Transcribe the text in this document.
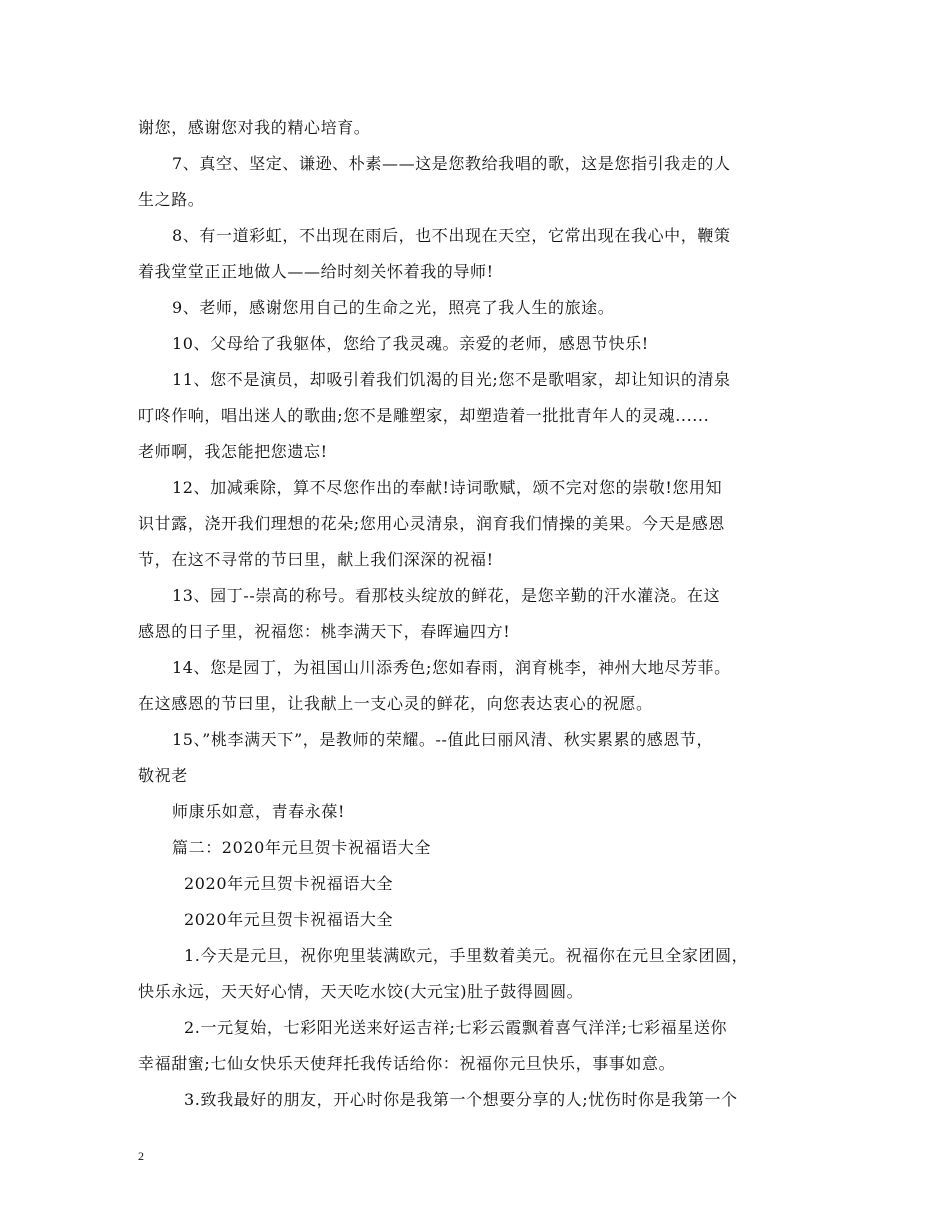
谢您，感谢您对我的精心培育。
7、真空、坚定、谦逊、朴素——这是您教给我唱的歌，这是您指引我走的人
生之路。
8、有一道彩虹，不出现在雨后，也不出现在天空，它常出现在我心中，鞭策
着我堂堂正正地做人——给时刻关怀着我的导师!
9、老师，感谢您用自己的生命之光，照亮了我人生的旅途。
10、父母给了我躯体，您给了我灵魂。亲爱的老师，感恩节快乐!
11、您不是演员，却吸引着我们饥渴的目光;您不是歌唱家，却让知识的清泉
叮咚作响，唱出迷人的歌曲;您不是雕塑家，却塑造着一批批青年人的灵魂......
老师啊，我怎能把您遗忘!
12、加减乘除，算不尽您作出的奉献!诗词歌赋，颂不完对您的崇敬!您用知
识甘露，浇开我们理想的花朵;您用心灵清泉，润育我们情操的美果。今天是感恩
节，在这不寻常的节曰里，献上我们深深的祝福!
13、园丁--崇高的称号。看那枝头绽放的鲜花，是您辛勤的汗水灌浇。在这
感恩的日子里，祝福您：桃李满天下，春晖遍四方!
14、您是园丁，为祖国山川添秀色;您如春雨，润育桃李，神州大地尽芳菲。
在这感恩的节曰里，让我献上一支心灵的鲜花，向您表达衷心的祝愿。
15、”桃李满天下”，是教师的荣耀。--值此曰丽风清、秋实累累的感恩节，
敬祝老
师康乐如意，青春永葆!
篇二：2020年元旦贺卡祝福语大全
2020年元旦贺卡祝福语大全
2020年元旦贺卡祝福语大全
1.今天是元旦，祝你兜里装满欧元，手里数着美元。祝福你在元旦全家团圆，
快乐永远，天天好心情，天天吃水饺(大元宝)肚子鼓得圆圆。
2.一元复始，七彩阳光送来好运吉祥;七彩云霞飘着喜气洋洋;七彩福星送你
幸福甜蜜;七仙女快乐天使拜托我传话给你：祝福你元旦快乐，事事如意。
3.致我最好的朋友，开心时你是我第一个想要分享的人;忧伤时你是我第一个
2
